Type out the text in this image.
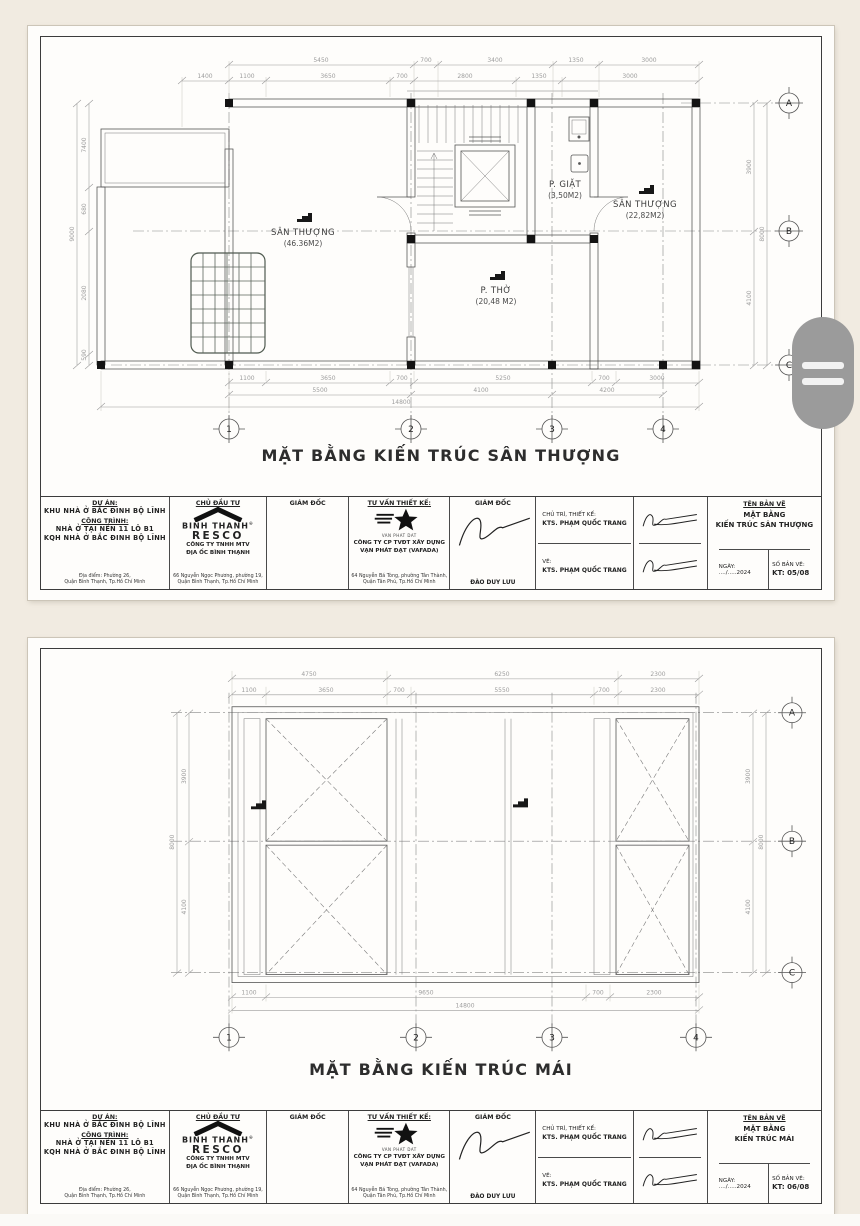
SÂN THƯỢNG
(46.36M2)
P. GIẶT
(3,50M2)
SÂN THƯỢNG
(22,82M2)
P. THỜ
(20,48 M2)
5450	700	3400	1350	3000
1400	1100	3650	700	2800	1350	3000
1100	3650	700	5250	700	3000
5500	4100	4200
14800
7400
680
2080
590
9000
3900
4100
8000
1	2	3	4
A
B
C
MẶT BẰNG KIẾN TRÚC SÂN THƯỢNG
DỰ ÁN:
KHU NHÀ Ở BẮC ĐINH BỘ LĨNH
CÔNG TRÌNH:
NHÀ Ở TẠI NỀN 11 LÔ B1
KQH NHÀ Ở BẮC ĐINH BỘ LĨNH
Địa điểm: Phường 26,
Quận Bình Thạnh, Tp.Hồ Chí Minh
CHỦ ĐẦU TƯ
BINH THANH®
RESCO
CÔNG TY TNHH MTV
ĐỊA ỐC BÌNH THẠNH
66 Nguyễn Ngọc Phương, phường 19,
Quận Bình Thạnh, Tp.Hồ Chí Minh
GIÁM ĐỐC	TƯ VẤN THIẾT KẾ:
VAN PHAT DAT
CÔNG TY CP TVĐT XÂY DỰNG
VẠN PHÁT ĐẠT (VAFADA)
64 Nguyễn Bá Tòng, phường Tân Thành,
Quận Tân Phú, Tp.Hồ Chí Minh
GIÁM ĐỐC
ĐÀO DUY LƯU
CHỦ TRÌ, THIẾT KẾ:
KTS. PHẠM QUỐC TRANG
VẼ:
KTS. PHẠM QUỐC TRANG
TÊN BẢN VẼ
MẶT BẰNG
KIẾN TRÚC SÂN THƯỢNG
NGÀY: ..../.....2024
SỐ BẢN VẼ:
KT: 05/08
4750	6250	2300
1100	3650	700	5550	700	2300
1100	9650	700	2300
14800
3900
4100
8000
3900
4100
8000
1	2	3	4
A
B
C
MẶT BẰNG KIẾN TRÚC MÁI
DỰ ÁN:
KHU NHÀ Ở BẮC ĐINH BỘ LĨNH
CÔNG TRÌNH:
NHÀ Ở TẠI NỀN 11 LÔ B1
KQH NHÀ Ở BẮC ĐINH BỘ LĨNH
Địa điểm: Phường 26,
Quận Bình Thạnh, Tp.Hồ Chí Minh
CHỦ ĐẦU TƯ
BINH THANH®
RESCO
CÔNG TY TNHH MTV
ĐỊA ỐC BÌNH THẠNH
66 Nguyễn Ngọc Phương, phường 19,
Quận Bình Thạnh, Tp.Hồ Chí Minh
GIÁM ĐỐC	TƯ VẤN THIẾT KẾ:
VAN PHAT DAT
CÔNG TY CP TVĐT XÂY DỰNG
VẠN PHÁT ĐẠT (VAFADA)
64 Nguyễn Bá Tòng, phường Tân Thành,
Quận Tân Phú, Tp.Hồ Chí Minh
GIÁM ĐỐC
ĐÀO DUY LƯU
CHỦ TRÌ, THIẾT KẾ:
KTS. PHẠM QUỐC TRANG
VẼ:
KTS. PHẠM QUỐC TRANG
TÊN BẢN VẼ
MẶT BẰNG
KIẾN TRÚC MÁI
NGÀY: ..../.....2024
SỐ BẢN VẼ:
KT: 06/08
